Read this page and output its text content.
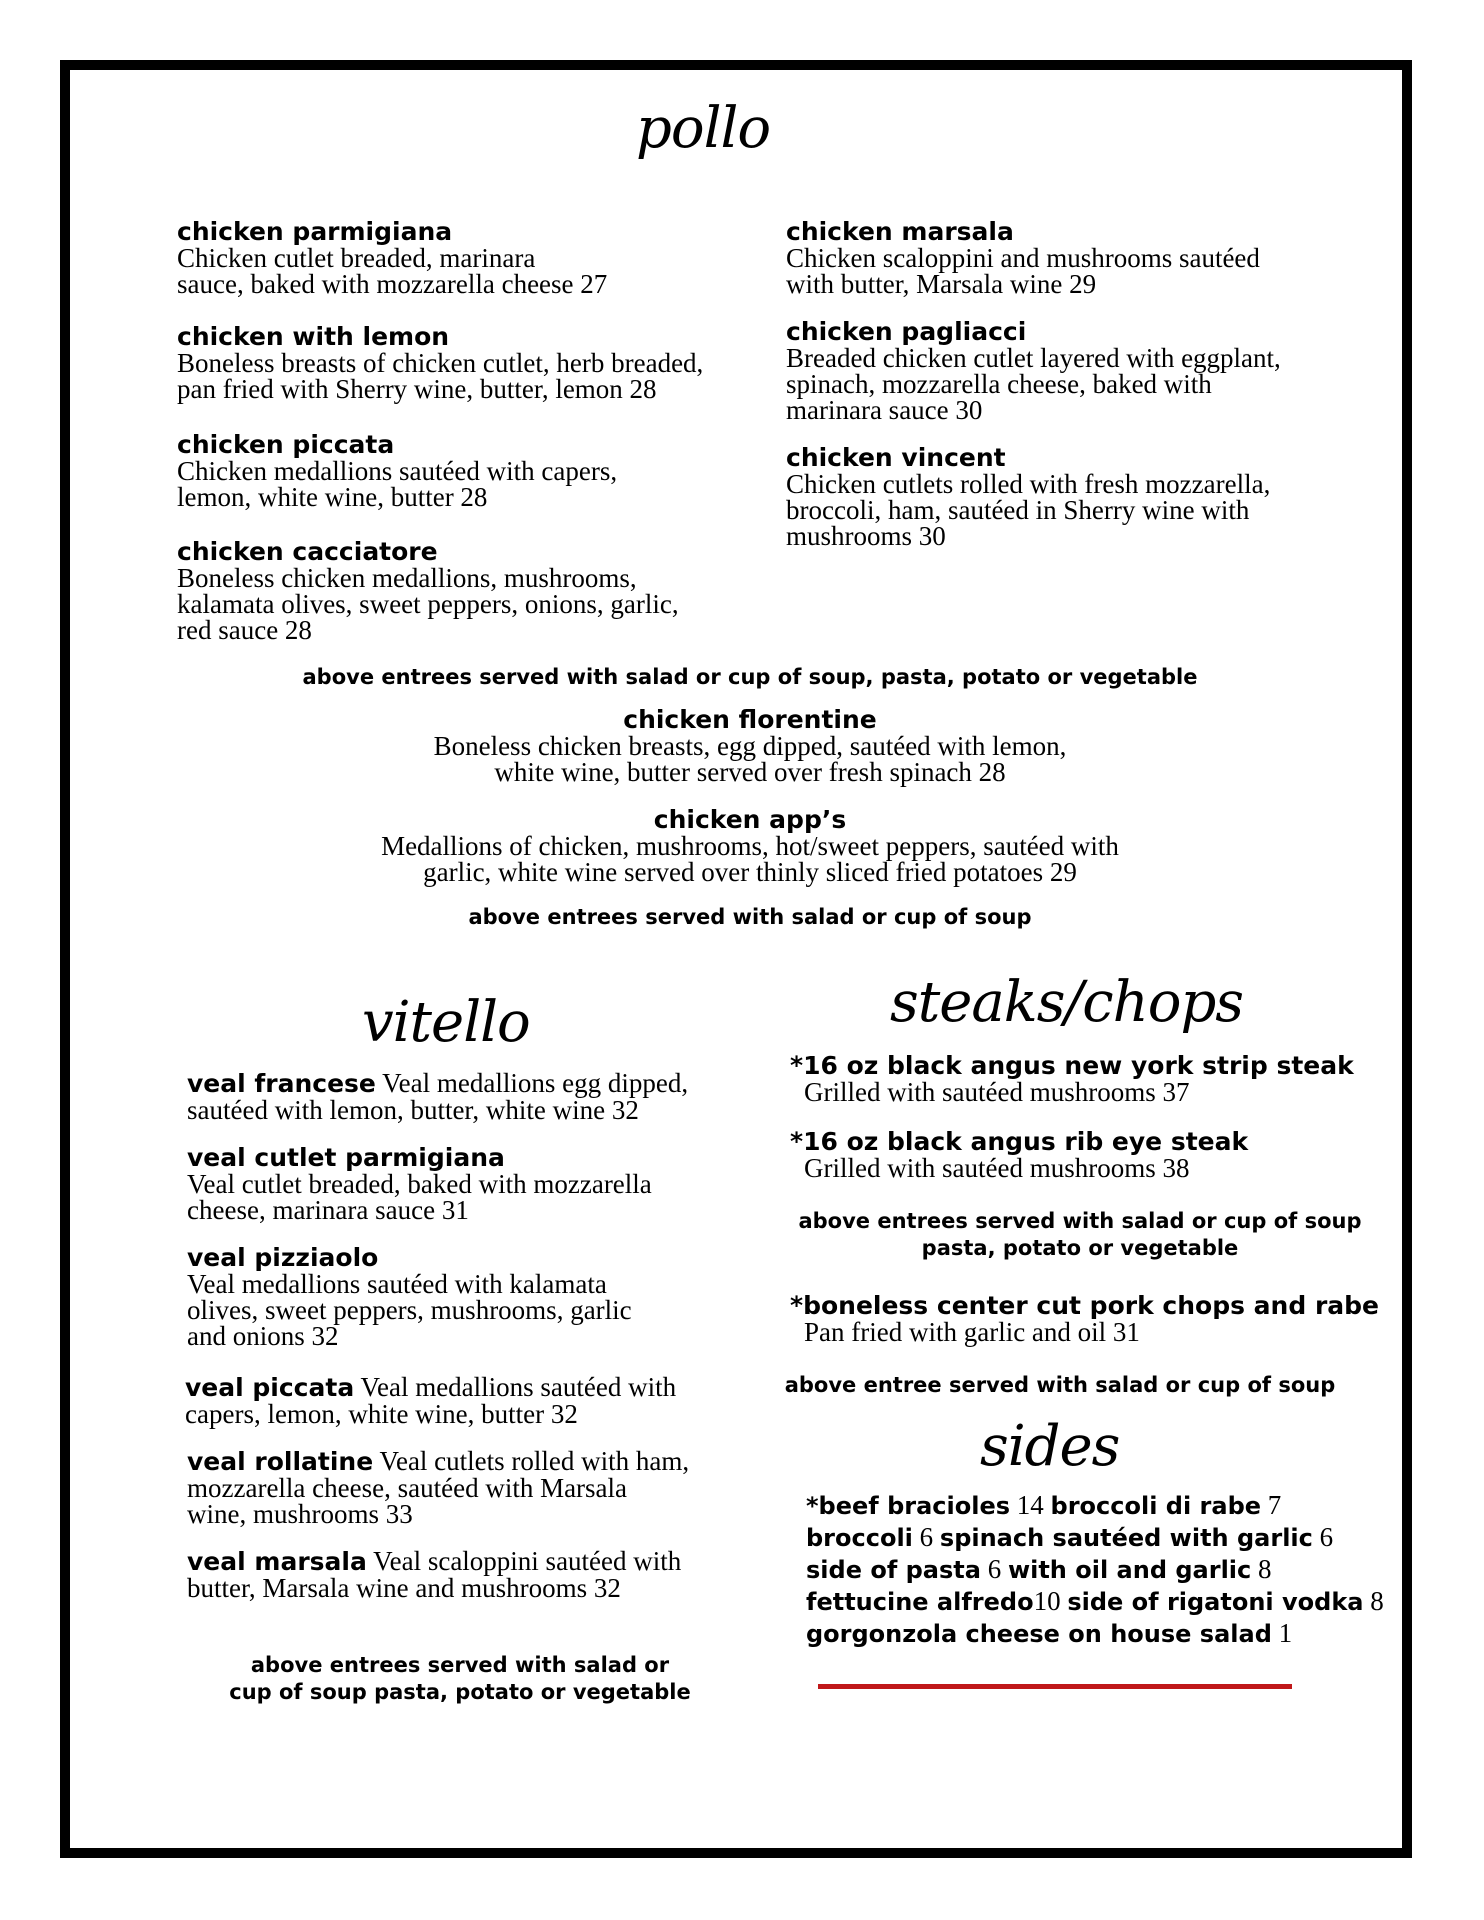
pollo
chicken parmigiana
Chicken cutlet breaded, marinara
sauce, baked with mozzarella cheese 27
chicken with lemon
Boneless breasts of chicken cutlet, herb breaded,
pan fried with Sherry wine, butter, lemon 28
chicken piccata
Chicken medallions sautéed with capers,
lemon, white wine, butter 28
chicken cacciatore
Boneless chicken medallions, mushrooms,
kalamata olives, sweet peppers, onions, garlic,
red sauce 28
chicken marsala
Chicken scaloppini and mushrooms sautéed
with butter, Marsala wine 29
chicken pagliacci
Breaded chicken cutlet layered with eggplant,
spinach, mozzarella cheese, baked with
marinara sauce 30
chicken vincent
Chicken cutlets rolled with fresh mozzarella,
broccoli, ham, sautéed in Sherry wine with
mushrooms 30
above entrees served with salad or cup of soup, pasta, potato or vegetable
chicken florentine
Boneless chicken breasts, egg dipped, sautéed with lemon,
white wine, butter served over fresh spinach 28
chicken app’s
Medallions of chicken, mushrooms, hot/sweet peppers, sautéed with
garlic, white wine served over thinly sliced fried potatoes 29
above entrees served with salad or cup of soup
vitello
veal francese Veal medallions egg dipped,
sautéed with lemon, butter, white wine 32
veal cutlet parmigiana
Veal cutlet breaded, baked with mozzarella
cheese, marinara sauce 31
veal pizziaolo
Veal medallions sautéed with kalamata
olives, sweet peppers, mushrooms, garlic
and onions 32
veal piccata Veal medallions sautéed with
capers, lemon, white wine, butter 32
veal rollatine Veal cutlets rolled with ham,
mozzarella cheese, sautéed with Marsala
wine, mushrooms 33
veal marsala Veal scaloppini sautéed with
butter, Marsala wine and mushrooms 32
above entrees served with salad or
cup of soup pasta, potato or vegetable
steaks/chops
*16 oz black angus new york strip steak
Grilled with sautéed mushrooms 37
*16 oz black angus rib eye steak
Grilled with sautéed mushrooms 38
above entrees served with salad or cup of soup
pasta, potato or vegetable
*boneless center cut pork chops and rabe
Pan fried with garlic and oil 31
above entree served with salad or cup of soup
sides
*beef bracioles 14 broccoli di rabe 7
broccoli 6 spinach sautéed with garlic 6
side of pasta 6 with oil and garlic 8
fettucine alfredo10 side of rigatoni vodka 8
gorgonzola cheese on house salad 1
